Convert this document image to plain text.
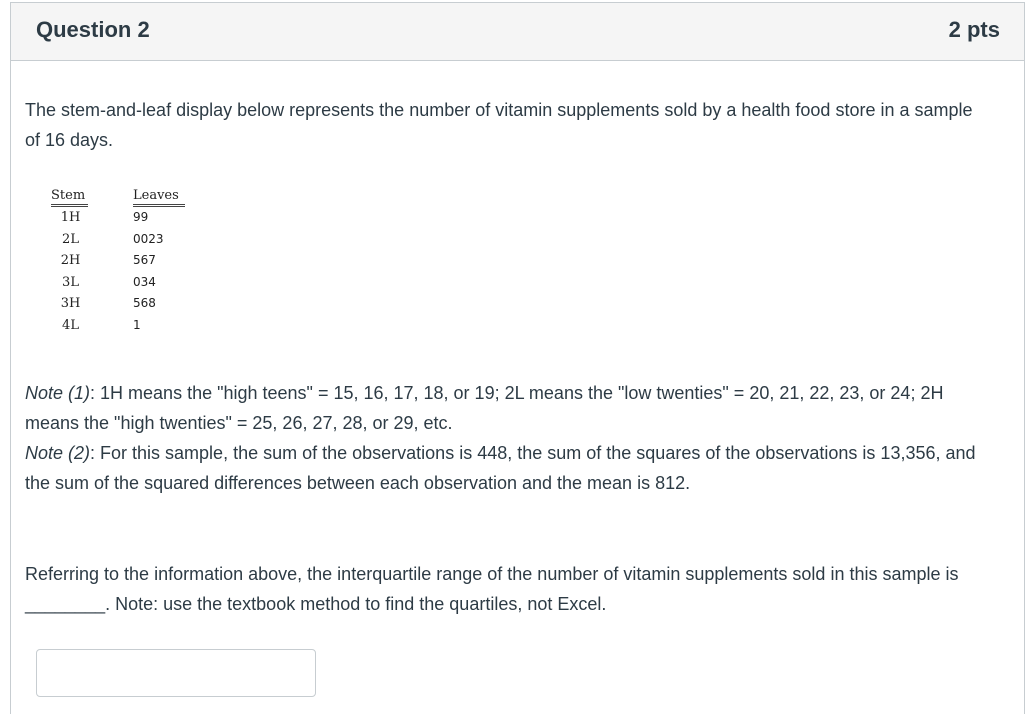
Question 2	2 pts

The stem-and-leaf display below represents the number of vitamin supplements sold by a health food store in a sample of 16 days.

Stem	Leaves
1H	99
2L	0023
2H	567
3L	034
3H	568
4L	1

Note (1): 1H means the "high teens" = 15, 16, 17, 18, or 19; 2L means the "low twenties" = 20, 21, 22, 23, or 24; 2H means the "high twenties" = 25, 26, 27, 28, or 29, etc.

Note (2): For this sample, the sum of the observations is 448, the sum of the squares of the observations is 13,356, and the sum of the squared differences between each observation and the mean is 812.

Referring to the information above, the interquartile range of the number of vitamin supplements sold in this sample is ________. Note: use the textbook method to find the quartiles, not Excel.
